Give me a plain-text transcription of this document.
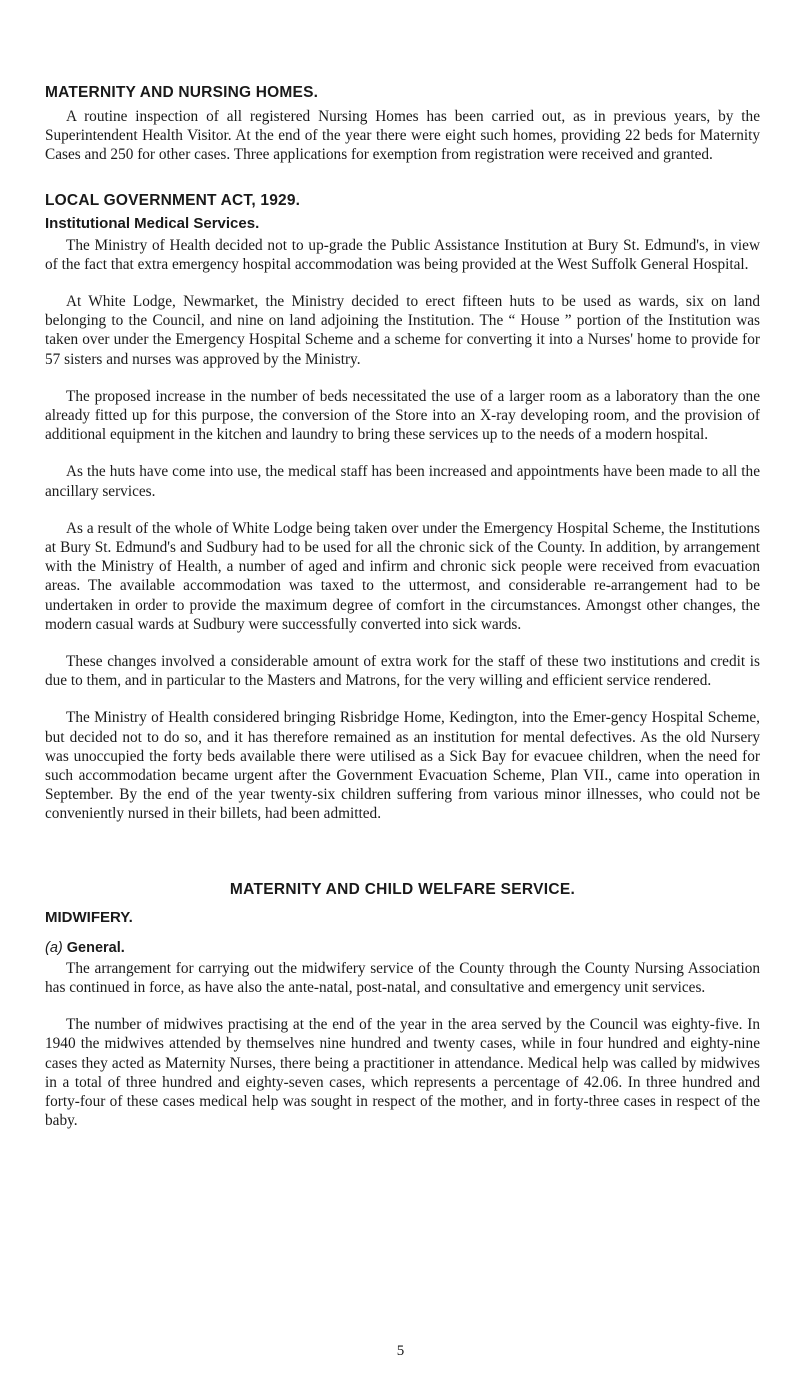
MATERNITY AND NURSING HOMES.

A routine inspection of all registered Nursing Homes has been carried out, as in previous years, by the Superintendent Health Visitor. At the end of the year there were eight such homes, providing 22 beds for Maternity Cases and 250 for other cases. Three applications for exemption from registration were received and granted.

LOCAL GOVERNMENT ACT, 1929.
Institutional Medical Services.

The Ministry of Health decided not to up-grade the Public Assistance Institution at Bury St. Edmund's, in view of the fact that extra emergency hospital accommodation was being provided at the West Suffolk General Hospital.

At White Lodge, Newmarket, the Ministry decided to erect fifteen huts to be used as wards, six on land belonging to the Council, and nine on land adjoining the Institution. The “ House ” portion of the Institution was taken over under the Emergency Hospital Scheme and a scheme for converting it into a Nurses' home to provide for 57 sisters and nurses was approved by the Ministry.

The proposed increase in the number of beds necessitated the use of a larger room as a laboratory than the one already fitted up for this purpose, the conversion of the Store into an X-ray developing room, and the provision of additional equipment in the kitchen and laundry to bring these services up to the needs of a modern hospital.

As the huts have come into use, the medical staff has been increased and appointments have been made to all the ancillary services.

As a result of the whole of White Lodge being taken over under the Emergency Hospital Scheme, the Institutions at Bury St. Edmund's and Sudbury had to be used for all the chronic sick of the County. In addition, by arrangement with the Ministry of Health, a number of aged and infirm and chronic sick people were received from evacuation areas. The available accommodation was taxed to the uttermost, and considerable re-arrangement had to be undertaken in order to provide the maximum degree of comfort in the circumstances. Amongst other changes, the modern casual wards at Sudbury were successfully converted into sick wards.

These changes involved a considerable amount of extra work for the staff of these two institutions and credit is due to them, and in particular to the Masters and Matrons, for the very willing and efficient service rendered.

The Ministry of Health considered bringing Risbridge Home, Kedington, into the Emer-gency Hospital Scheme, but decided not to do so, and it has therefore remained as an institution for mental defectives. As the old Nursery was unoccupied the forty beds available there were utilised as a Sick Bay for evacuee children, when the need for such accommodation became urgent after the Government Evacuation Scheme, Plan VII., came into operation in September. By the end of the year twenty-six children suffering from various minor illnesses, who could not be conveniently nursed in their billets, had been admitted.

MATERNITY AND CHILD WELFARE SERVICE.
MIDWIFERY.
(a) General.

The arrangement for carrying out the midwifery service of the County through the County Nursing Association has continued in force, as have also the ante-natal, post-natal, and consultative and emergency unit services.

The number of midwives practising at the end of the year in the area served by the Council was eighty-five. In 1940 the midwives attended by themselves nine hundred and twenty cases, while in four hundred and eighty-nine cases they acted as Maternity Nurses, there being a practitioner in attendance. Medical help was called by midwives in a total of three hundred and eighty-seven cases, which represents a percentage of 42.06. In three hundred and forty-four of these cases medical help was sought in respect of the mother, and in forty-three cases in respect of the baby.

5
